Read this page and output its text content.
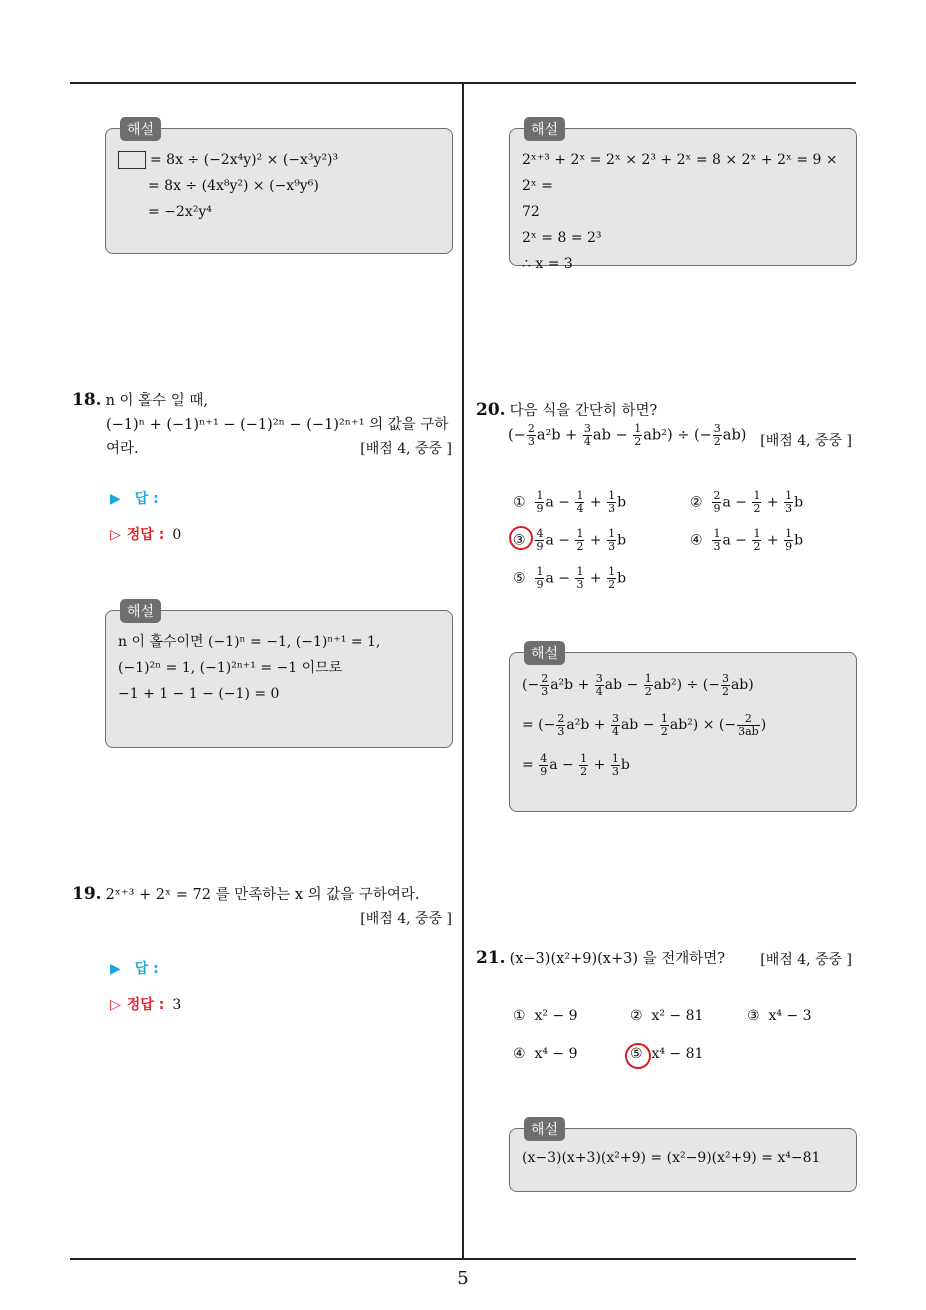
해설
= 8x ÷ (−2x⁴y)² × (−x³y²)³
= 8x ÷ (4x⁸y²) × (−x⁹y⁶)
= −2x²y⁴
18. n 이 홀수 일 때,
(−1)ⁿ + (−1)ⁿ⁺¹ − (−1)²ⁿ − (−1)²ⁿ⁺¹ 의 값을 구하
여라.	[배점 4, 중중 ]
▶ 답 :
▷ 정답 : 0
해설
n 이 홀수이면 (−1)ⁿ = −1, (−1)ⁿ⁺¹ = 1,
(−1)²ⁿ = 1, (−1)²ⁿ⁺¹ = −1 이므로
−1 + 1 − 1 − (−1) = 0
19. 2ˣ⁺³ + 2ˣ = 72 를 만족하는 x 의 값을 구하여라.
[배점 4, 중중 ]
▶ 답 :
▷ 정답 : 3
해설
2ˣ⁺³ + 2ˣ = 2ˣ × 2³ + 2ˣ = 8 × 2ˣ + 2ˣ = 9 × 2ˣ =
72
2ˣ = 8 = 2³
∴ x = 3
20. 다음 식을 간단히 하면?
(− $\frac{2}{3} a^2b + \frac{3}{4}$ ab − $\frac{1}{2} ab^2$) ÷ (− $\frac{3}{2} ab$) [배점 4, 중중 ]
① $\frac{1}{9}$ $a - \frac{1}{4} + \frac{1}{3}$ b	② $\frac{2}{9}$ $a - \frac{1}{2} + \frac{1}{3}$ b
③ $\frac{4}{9}$ $a - \frac{1}{2} + \frac{1}{3}$ b	④ $\frac{1}{3}$ $a - \frac{1}{2} + \frac{1}{9}$ b
⑤ $\frac{1}{9}$ $a - \frac{1}{3} + \frac{1}{2}$ b
해설
(− $\frac{2}{3} a^2b + \frac{3}{4}$ ab − $\frac{1}{2} ab^2$) ÷ (− $\frac{3}{2} ab$)
= (− $\frac{2}{3} a^2b + \frac{3}{4}$ ab − $\frac{1}{2} ab^2$) × (− $\frac{2}{3ab}$ )
= $\frac{4}{9}$ $a - \frac{1}{2} + \frac{1}{3}$ b
21. (x−3)(x²+9)(x+3) 을 전개하면?	[배점 4, 중중 ]
① x² − 9	② x² − 81	③ x⁴ − 3
④ x⁴ − 9	⑤ x⁴ − 81
해설
(x−3)(x+3)(x²+9) = (x²−9)(x²+9) = x⁴−81
5
